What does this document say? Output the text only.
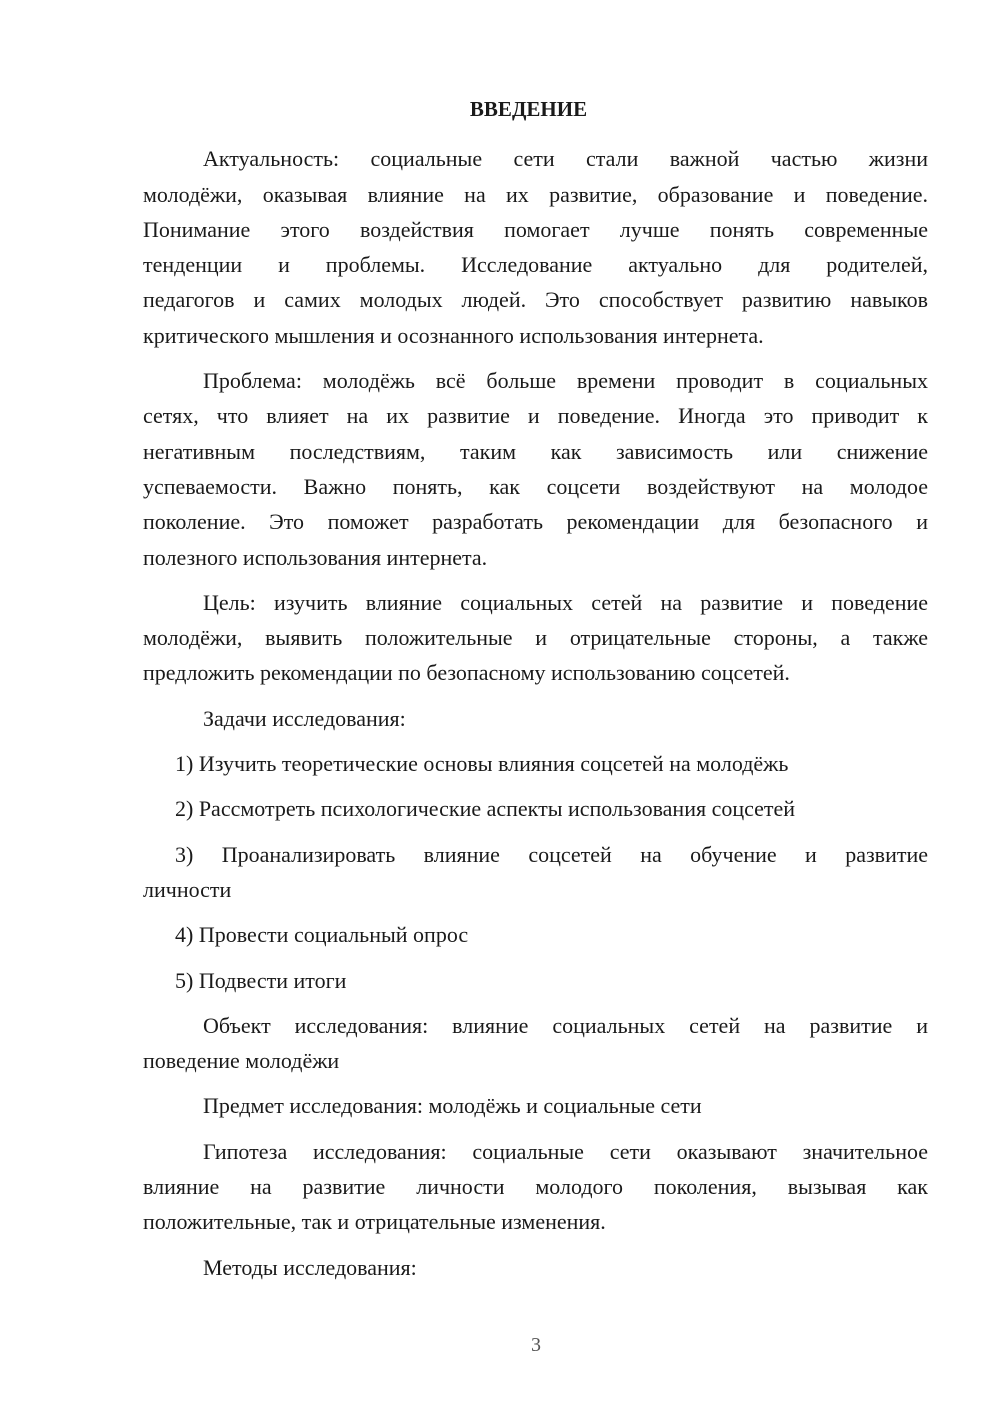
ВВЕДЕНИЕ
Актуальность: социальные сети стали важной частью жизни
молодёжи, оказывая влияние на их развитие, образование и поведение.
Понимание этого воздействия помогает лучше понять современные
тенденции и проблемы. Исследование актуально для родителей,
педагогов и самих молодых людей. Это способствует развитию навыков
критического мышления и осознанного использования интернета.
Проблема: молодёжь всё больше времени проводит в социальных
сетях, что влияет на их развитие и поведение. Иногда это приводит к
негативным последствиям, таким как зависимость или снижение
успеваемости. Важно понять, как соцсети воздействуют на молодое
поколение. Это поможет разработать рекомендации для безопасного и
полезного использования интернета.
Цель: изучить влияние социальных сетей на развитие и поведение
молодёжи, выявить положительные и отрицательные стороны, а также
предложить рекомендации по безопасному использованию соцсетей.
Задачи исследования:
1) Изучить теоретические основы влияния соцсетей на молодёжь
2) Рассмотреть психологические аспекты использования соцсетей
3) Проанализировать влияние соцсетей на обучение и развитие
личности
4) Провести социальный опрос
5) Подвести итоги
Объект исследования: влияние социальных сетей на развитие и
поведение молодёжи
Предмет исследования: молодёжь и социальные сети
Гипотеза исследования: социальные сети оказывают значительное
влияние на развитие личности молодого поколения, вызывая как
положительные, так и отрицательные изменения.
Методы исследования:
3
